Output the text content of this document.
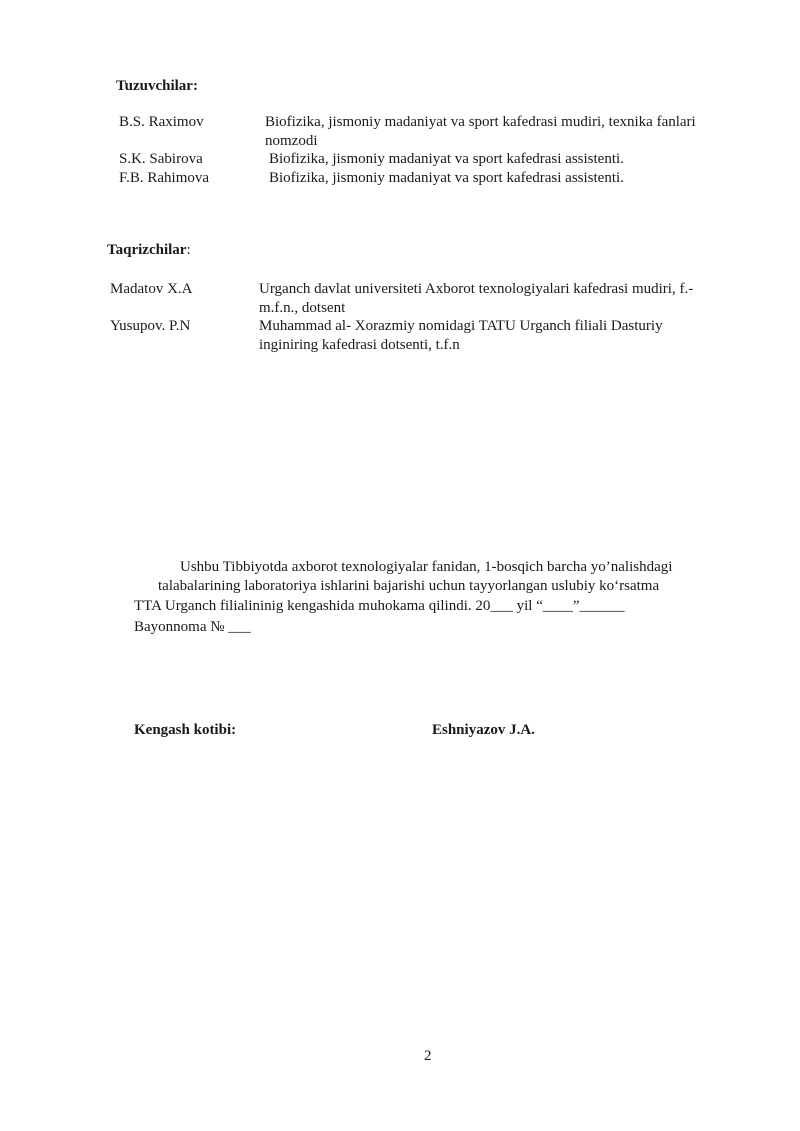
Tuzuvchilar:
B.S. Raximov	Biofizika, jismoniy madaniyat va sport kafedrasi mudiri, texnika fanlari nomzodi
S.K. Sabirova	Biofizika, jismoniy madaniyat va sport kafedrasi assistenti.
F.B. Rahimova	Biofizika, jismoniy madaniyat va sport kafedrasi assistenti.
Taqrizchilar:
Madatov X.A	Urganch davlat universiteti Axborot texnologiyalari kafedrasi mudiri, f.-m.f.n., dotsent
Yusupov. P.N	Muhammad al- Xorazmiy nomidagi TATU Urganch filiali Dasturiy inginiring kafedrasi dotsenti, t.f.n
Ushbu Tibbiyotda axborot texnologiyalar fanidan, 1-bosqich barcha yo’nalishdagi
talabalarining laboratoriya ishlarini bajarishi uchun tayyorlangan uslubiy ko‘rsatma
TTA Urganch filialininig kengashida muhokama qilindi. 20___ yil “____”______
Bayonnoma № ___
Kengash kotibi:	Eshniyazov J.A.
2
